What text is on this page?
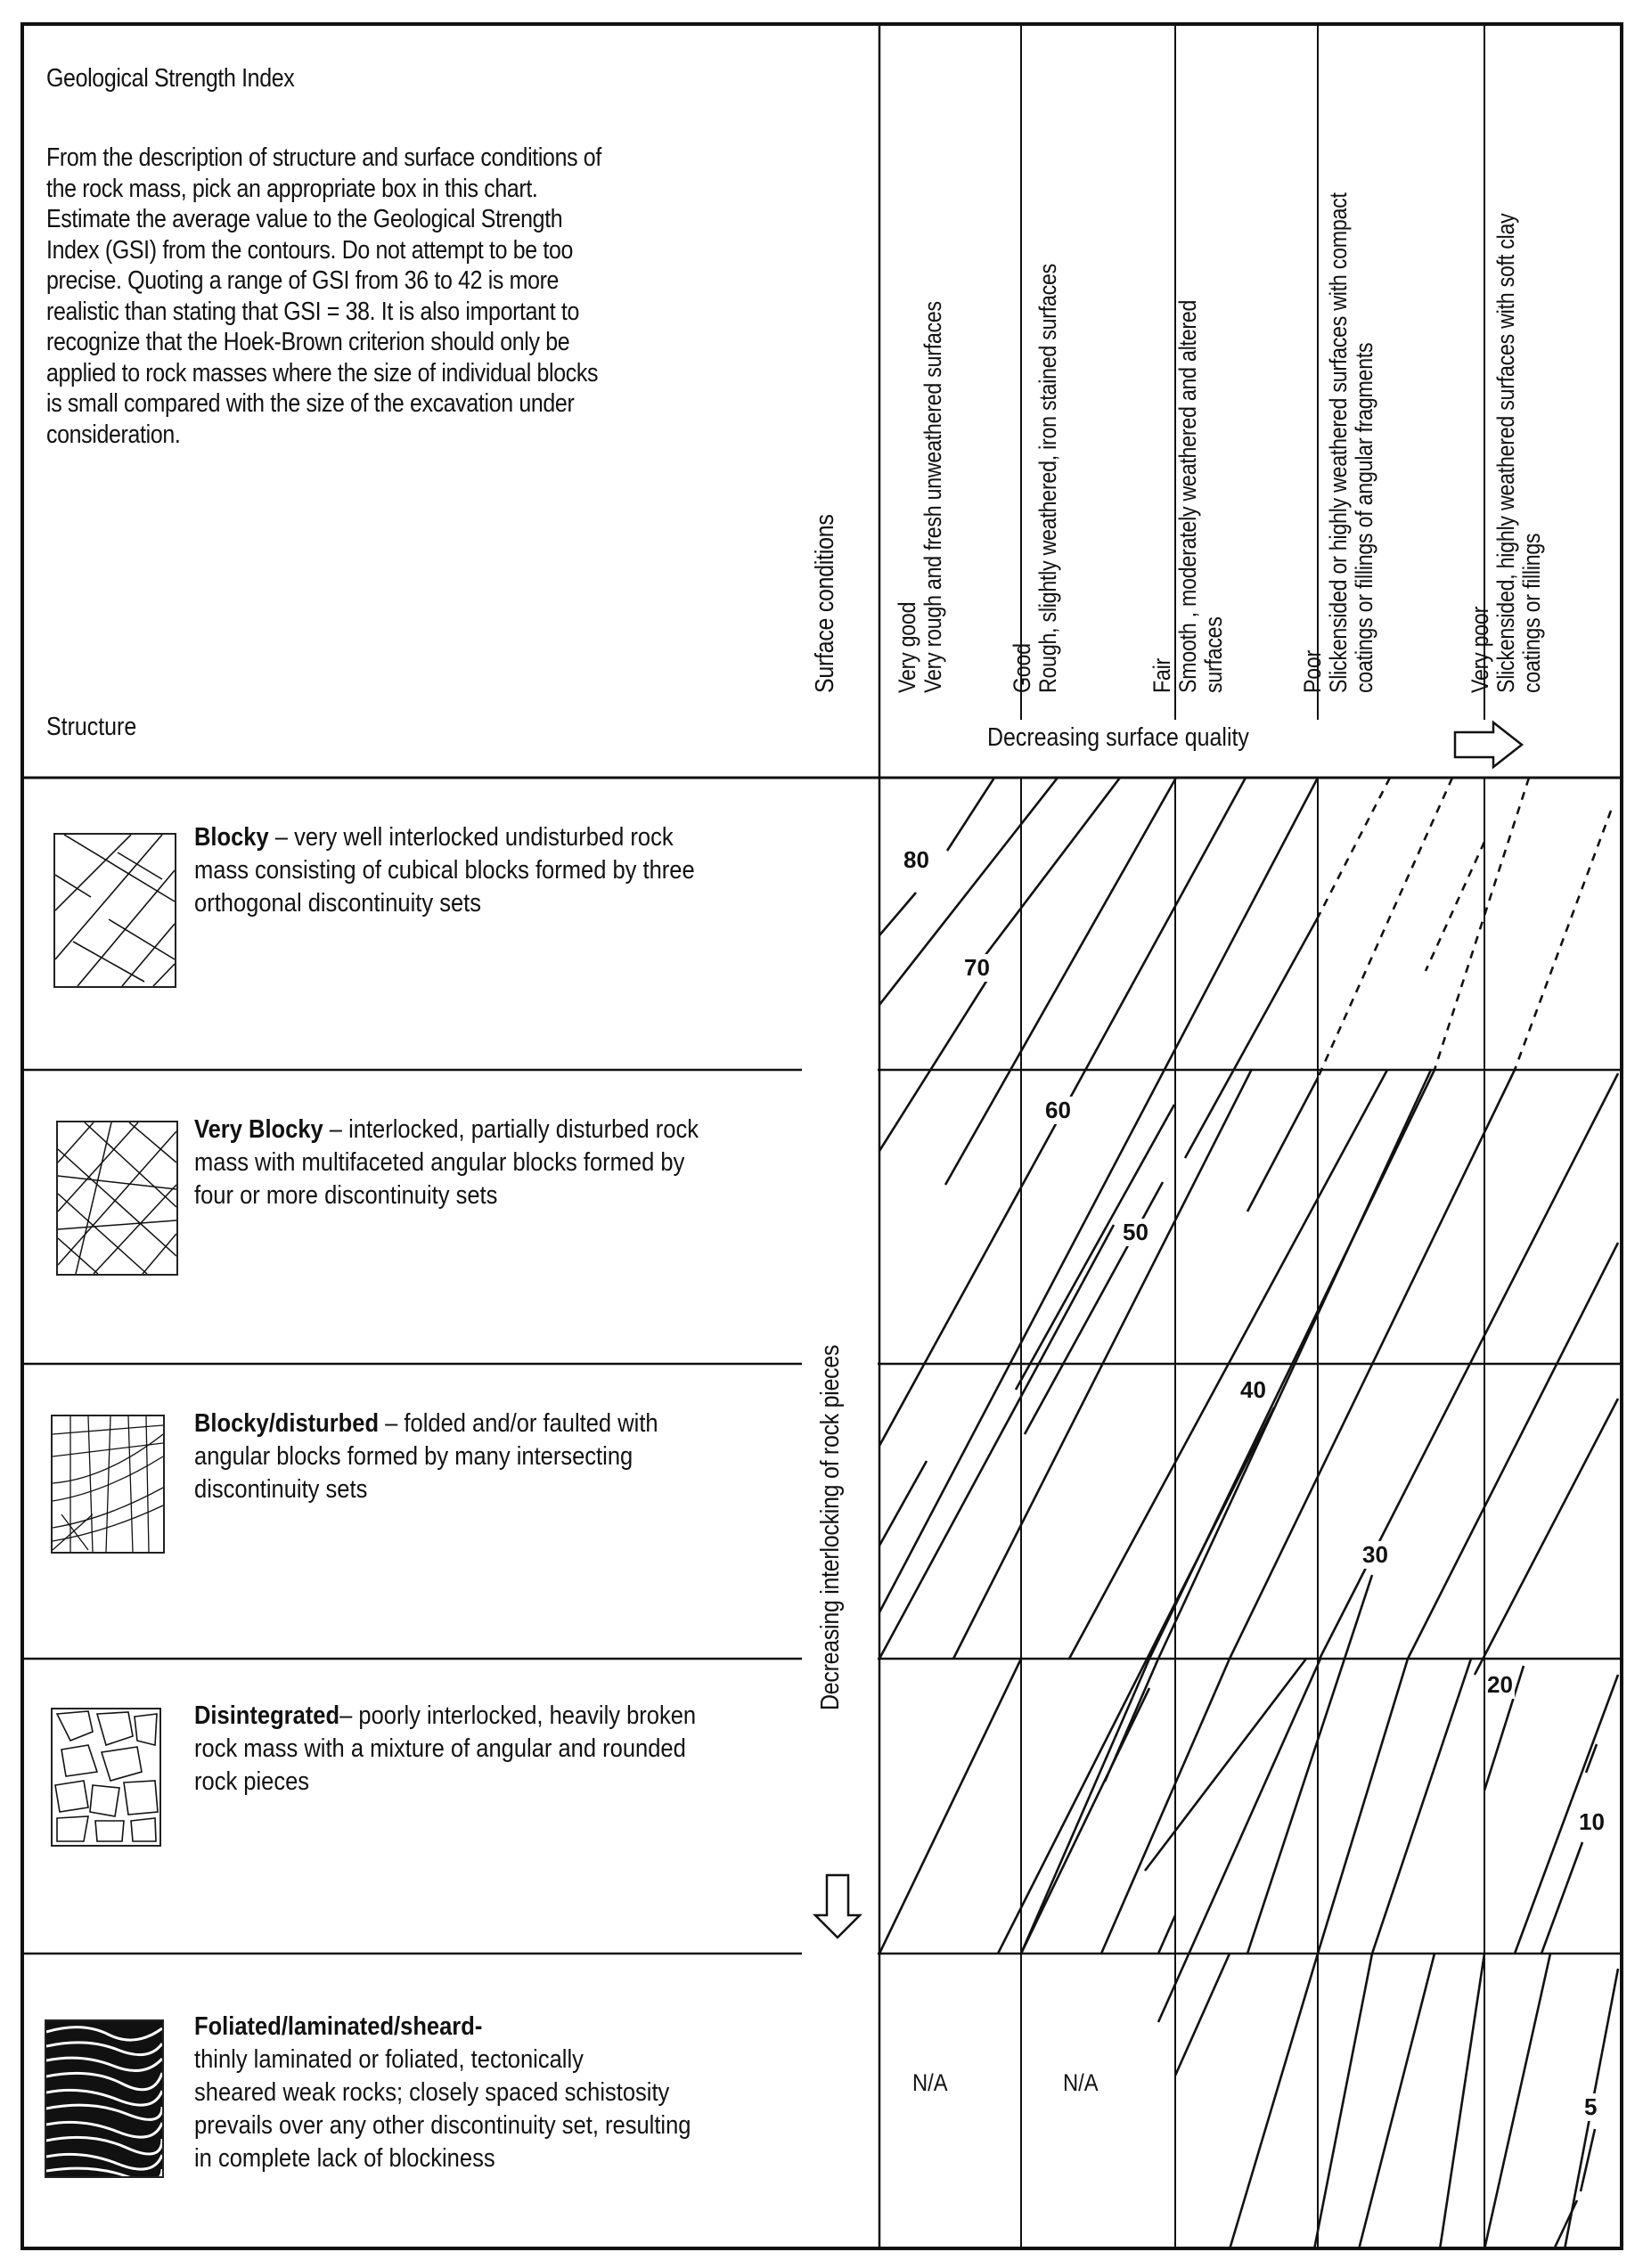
Geological Strength Index
From the description of structure and surface conditions of
the rock mass, pick an appropriate box in this chart.
Estimate the average value to the Geological Strength
Index (GSI) from the contours. Do not attempt to be too
precise. Quoting a range of GSI from 36 to 42 is more
realistic than stating that GSI = 38. It is also important to
recognize that the Hoek-Brown criterion should only be
applied to rock masses where the size of individual blocks
is small compared with the size of the excavation under
consideration.
Structure
Surface conditions Very good Very rough and fresh unweathered surfaces	Good Rough, slightly weathered, iron stained surfaces	Fair Smooth , moderately weathered and altered surfaces	Poor Slickensided or highly weathered surfaces with compact coatings or fillings of angular fragments	Very poor Slickensided, highly weathered surfaces with soft clay coatings or fillings
Decreasing surface quality
Decreasing interlocking of rock pieces
Blocky – very well interlocked undisturbed rock
mass consisting of cubical blocks formed by three
orthogonal discontinuity sets
Very Blocky – interlocked, partially disturbed rock
mass with multifaceted angular blocks formed by
four or more discontinuity sets
Blocky/disturbed – folded and/or faulted with
angular blocks formed by many intersecting
discontinuity sets
Disintegrated– poorly interlocked, heavily broken
rock mass with a mixture of angular and rounded
rock pieces
Foliated/laminated/sheard-
thinly laminated or foliated, tectonically
sheared weak rocks; closely spaced schistosity
prevails over any other discontinuity set, resulting
in complete lack of blockiness
N/A	N/A
80
70
60
50
40
30
20
10
5
